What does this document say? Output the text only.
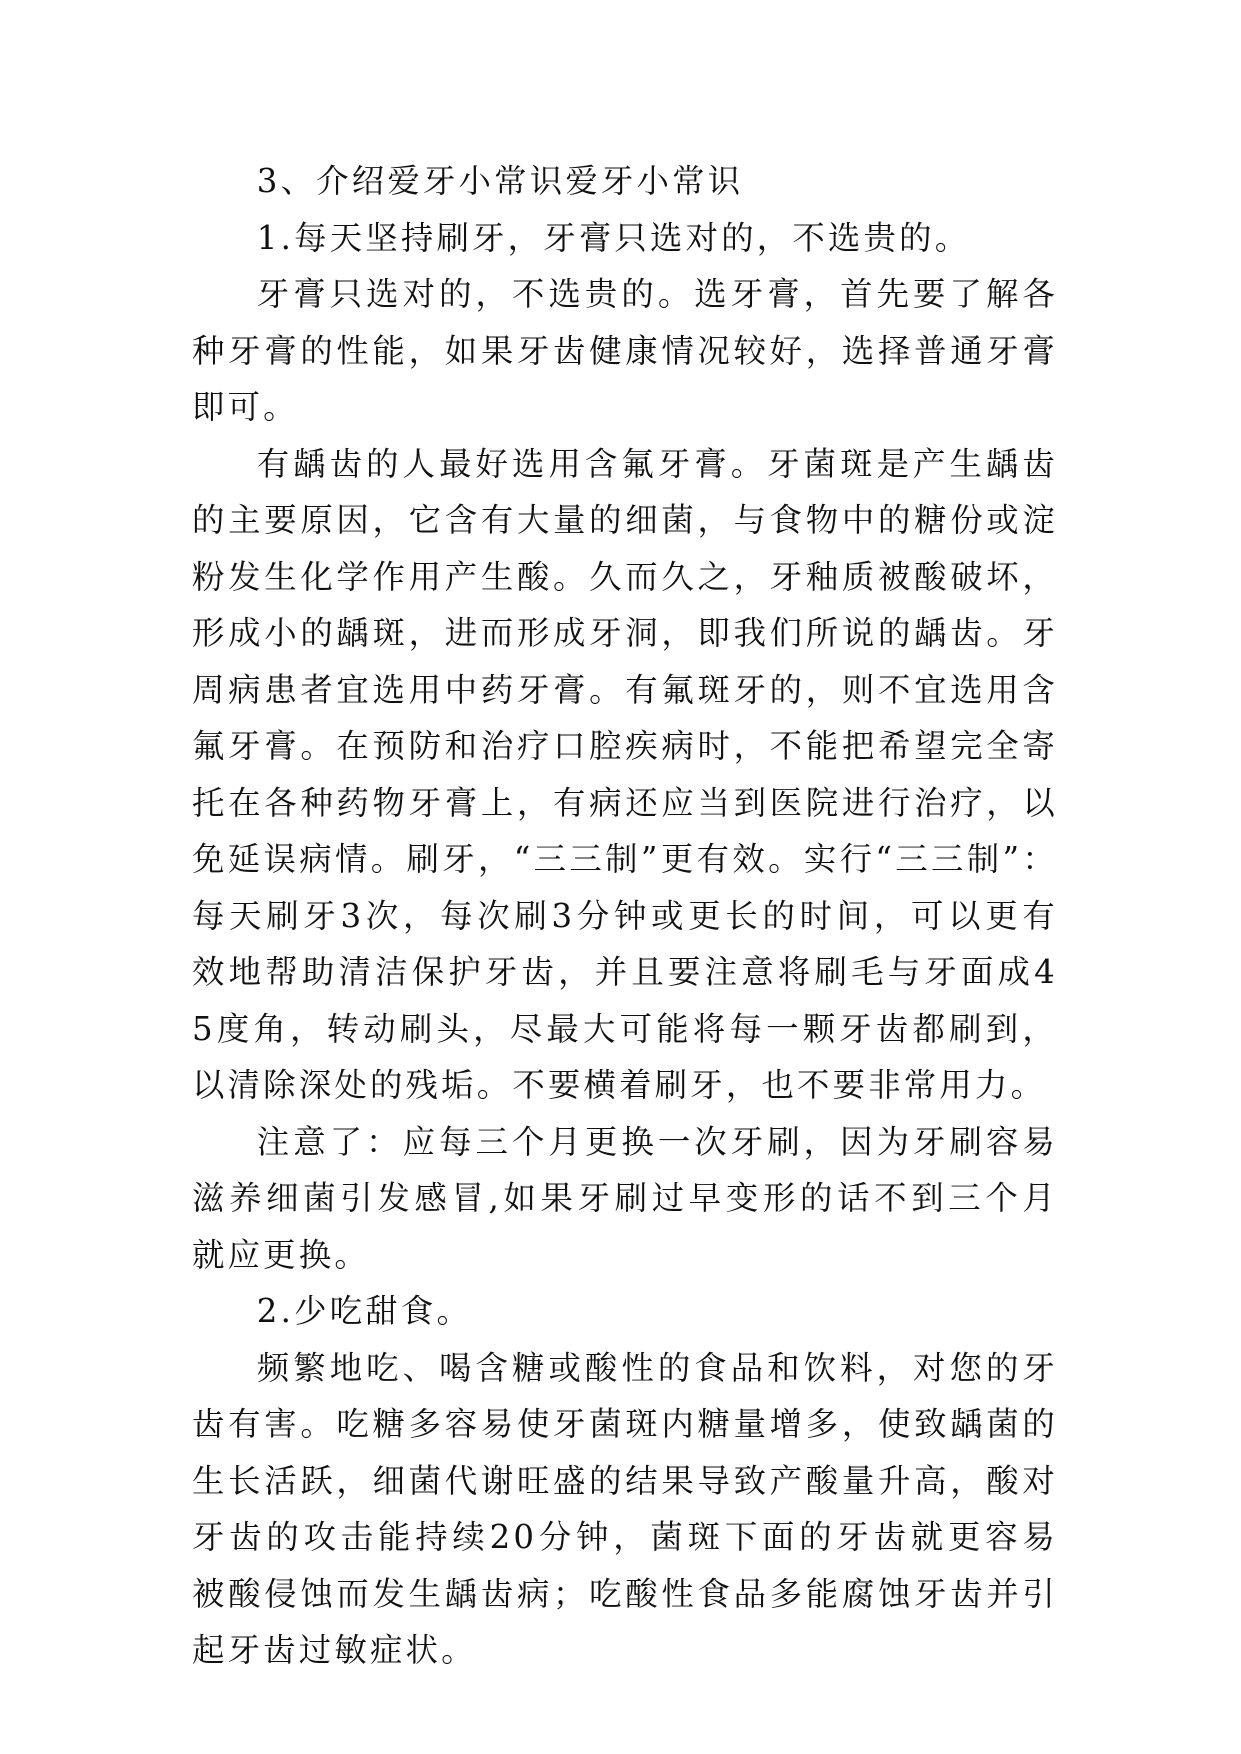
3、介绍爱牙小常识爱牙小常识

1.每天坚持刷牙，牙膏只选对的，不选贵的。

牙膏只选对的，不选贵的。选牙膏，首先要了解各种牙膏的性能，如果牙齿健康情况较好，选择普通牙膏即可。

有龋齿的人最好选用含氟牙膏。牙菌斑是产生龋齿的主要原因，它含有大量的细菌，与食物中的糖份或淀粉发生化学作用产生酸。久而久之，牙釉质被酸破坏，形成小的龋斑，进而形成牙洞，即我们所说的龋齿。牙周病患者宜选用中药牙膏。有氟斑牙的，则不宜选用含氟牙膏。在预防和治疗口腔疾病时，不能把希望完全寄托在各种药物牙膏上，有病还应当到医院进行治疗，以免延误病情。刷牙，“三三制”更有效。实行“三三制”：每天刷牙3次，每次刷3分钟或更长的时间，可以更有效地帮助清洁保护牙齿，并且要注意将刷毛与牙面成45度角，转动刷头，尽最大可能将每一颗牙齿都刷到，以清除深处的残垢。不要横着刷牙，也不要非常用力。

注意了：应每三个月更换一次牙刷，因为牙刷容易滋养细菌引发感冒,如果牙刷过早变形的话不到三个月就应更换。

2.少吃甜食。

频繁地吃、喝含糖或酸性的食品和饮料，对您的牙齿有害。吃糖多容易使牙菌斑内糖量增多，使致龋菌的生长活跃，细菌代谢旺盛的结果导致产酸量升高，酸对牙齿的攻击能持续20分钟，菌斑下面的牙齿就更容易被酸侵蚀而发生龋齿病；吃酸性食品多能腐蚀牙齿并引起牙齿过敏症状。
